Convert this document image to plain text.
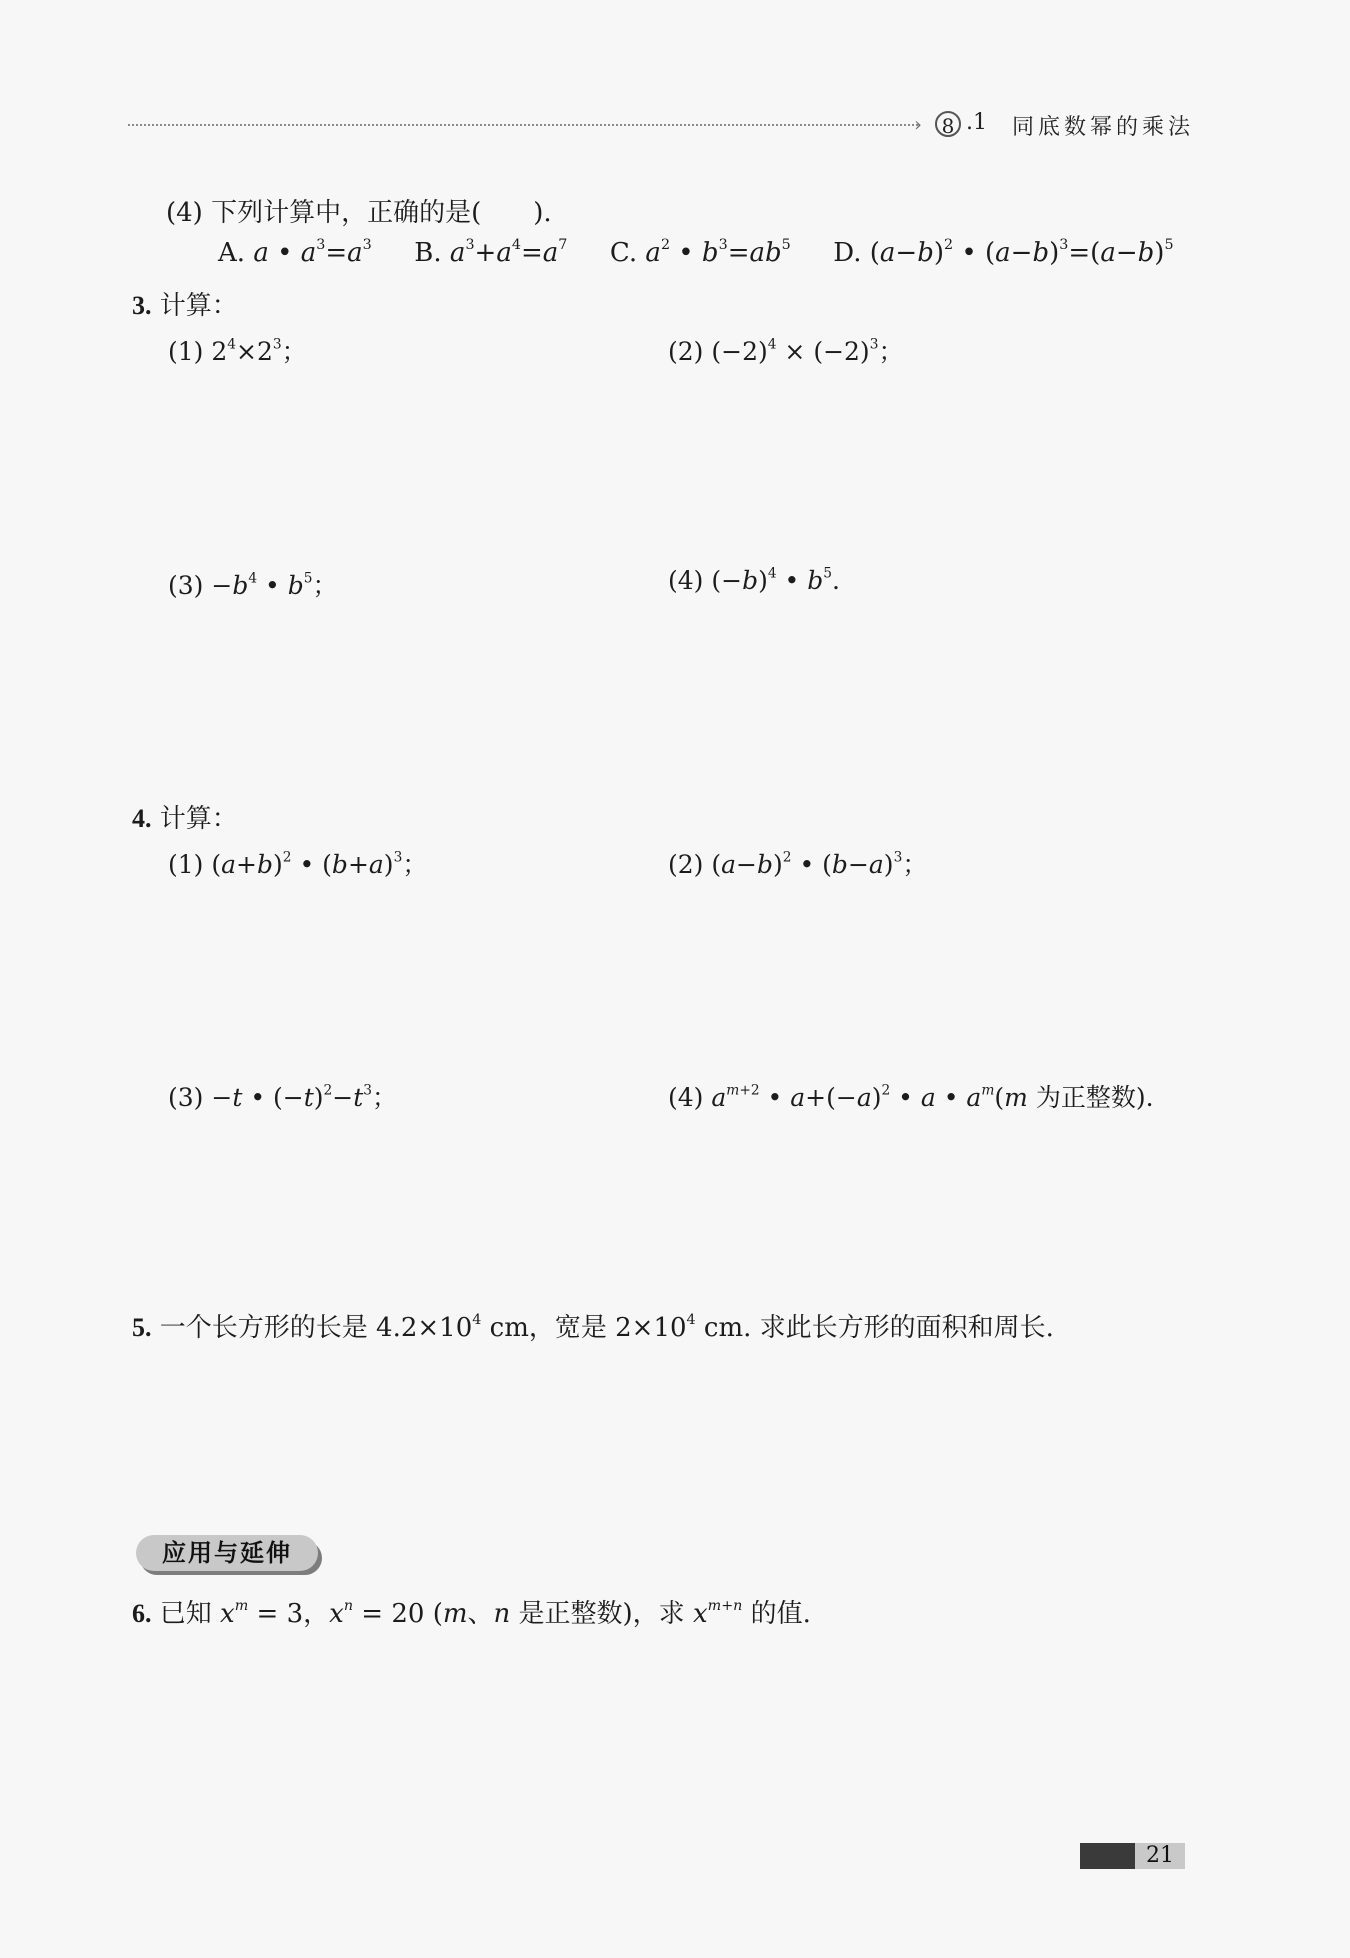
› 8 .1 同底数幂的乘法
(4) 下列计算中，正确的是(　　).
A. a • $a^3=a^3$ B. $a^3+a^4=a^7$ C. $a^2$ • $b^3=ab^5$ D. $(a-b)^2$ • $(a-b)^3=(a-b)^5$
3. 计算：
(1) $2^4\times 2^3$；	(2) $(-2)^4 \times (-2)^3$；
$(3) -b^4$ • $b^5$；	(4) $(-b)^4$ • $b^5$.
4. 计算：
(1) $(a+b)^2$ • $(b+a)^3$；	(2) $(a-b)^2$ • $(b-a)^3$；
(3) −t • $(-t)^2-t^3$；	(4) $a^{m+2}$ • $a+(-a)^2$ • a • $a^m(m$ 为正整数).
5. 一个长方形的长是 $4.2\times 10^4$ cm，宽是 $2\times 10^4$ cm. 求此长方形的面积和周长.
应用与延伸
6. 已知 $x^m = 3$，$x^n = 20$ (m、n 是正整数)，求 $x^{m+n}$ 的值.
21
